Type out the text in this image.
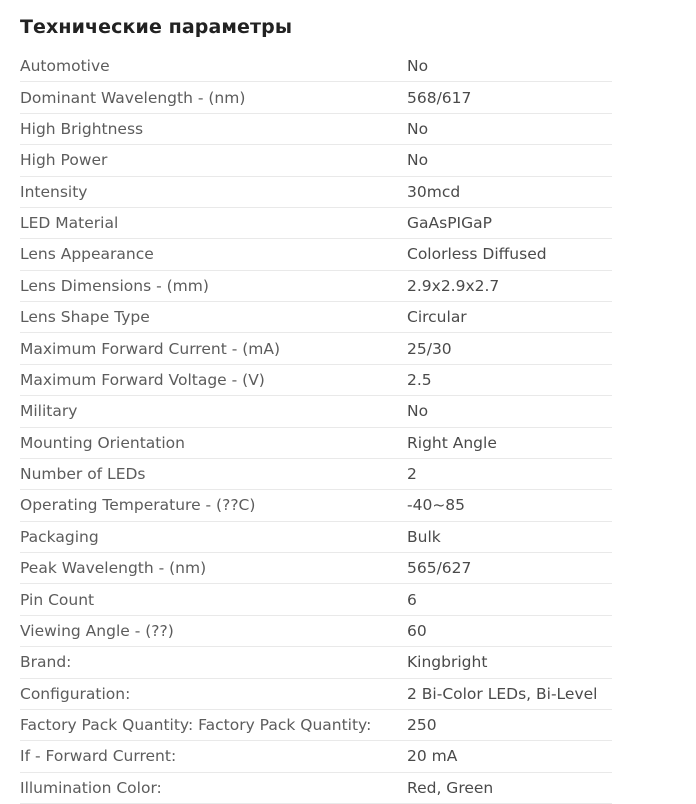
Технические параметры
Automotive	No
Dominant Wavelength - (nm)	568/617
High Brightness	No
High Power	No
Intensity	30mcd
LED Material	GaAsPIGaP
Lens Appearance	Colorless Diffused
Lens Dimensions - (mm)	2.9x2.9x2.7
Lens Shape Type	Circular
Maximum Forward Current - (mA)	25/30
Maximum Forward Voltage - (V)	2.5
Military	No
Mounting Orientation	Right Angle
Number of LEDs	2
Operating Temperature - (??C)	-40~85
Packaging	Bulk
Peak Wavelength - (nm)	565/627
Pin Count	6
Viewing Angle - (??)	60
Brand:	Kingbright
Configuration:	2 Bi-Color LEDs, Bi-Level
Factory Pack Quantity: Factory Pack Quantity:	250
If - Forward Current:	20 mA
Illumination Color:	Red, Green
